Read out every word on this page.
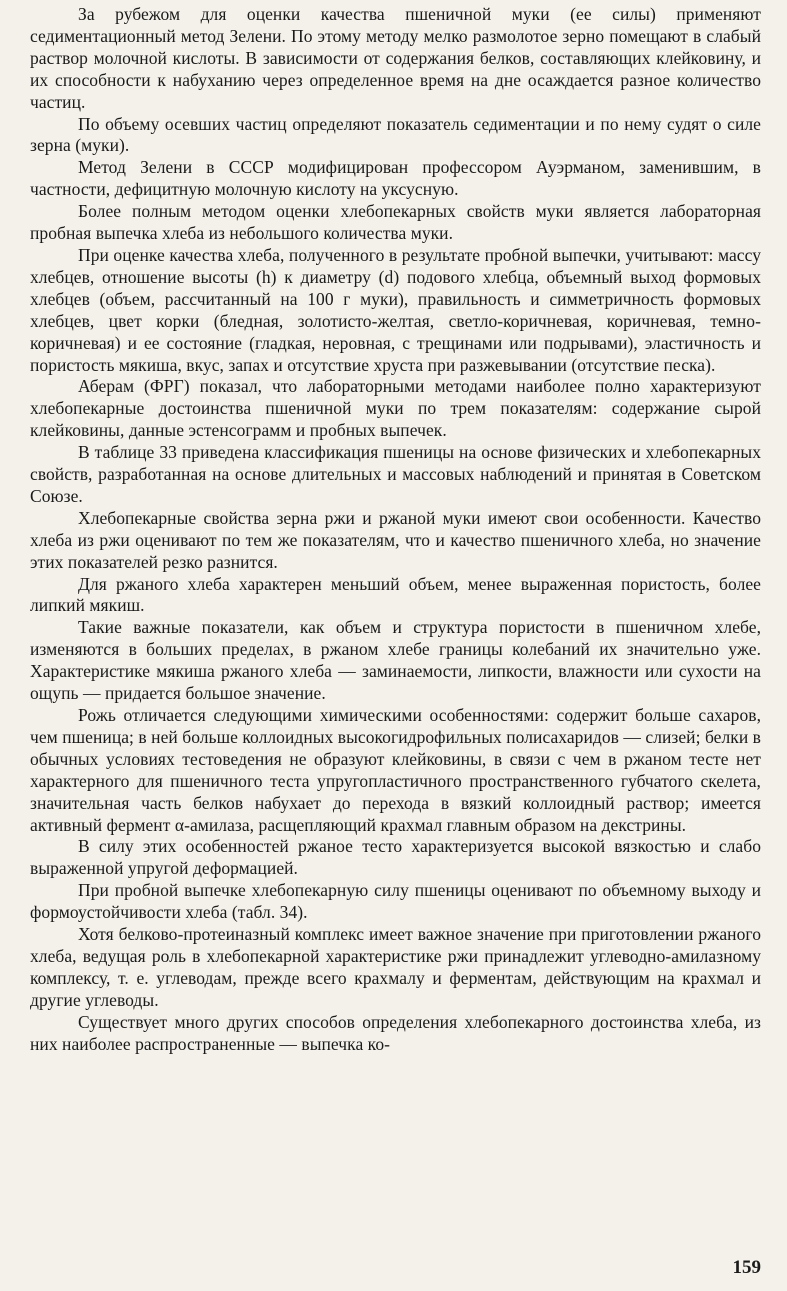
За рубежом для оценки качества пшеничной муки (ее силы) применяют седиментационный метод Зелени. По этому методу мелко размолотое зерно помещают в слабый раствор молочной кислоты. В зависимости от содержания белков, составляющих клейковину, и их способности к набуханию через определенное время на дне осаждается разное количество частиц.

По объему осевших частиц определяют показатель седиментации и по нему судят о силе зерна (муки).

Метод Зелени в СССР модифицирован профессором Ауэрманом, заменившим, в частности, дефицитную молочную кислоту на уксусную.

Более полным методом оценки хлебопекарных свойств муки является лабораторная пробная выпечка хлеба из небольшого количества муки.

При оценке качества хлеба, полученного в результате пробной выпечки, учитывают: массу хлебцев, отношение высоты (h) к диаметру (d) подового хлебца, объемный выход формовых хлебцев (объем, рассчитанный на 100 г муки), правильность и симметричность формовых хлебцев, цвет корки (бледная, золотисто-желтая, светло-коричневая, коричневая, темно-коричневая) и ее состояние (гладкая, неровная, с трещинами или подрывами), эластичность и пористость мякиша, вкус, запах и отсутствие хруста при разжевывании (отсутствие песка).

Аберам (ФРГ) показал, что лабораторными методами наиболее полно характеризуют хлебопекарные достоинства пшеничной муки по трем показателям: содержание сырой клейковины, данные эстенсограмм и пробных выпечек.

В таблице 33 приведена классификация пшеницы на основе физических и хлебопекарных свойств, разработанная на основе длительных и массовых наблюдений и принятая в Советском Союзе.

Хлебопекарные свойства зерна ржи и ржаной муки имеют свои особенности. Качество хлеба из ржи оценивают по тем же показателям, что и качество пшеничного хлеба, но значение этих показателей резко разнится.

Для ржаного хлеба характерен меньший объем, менее выраженная пористость, более липкий мякиш.

Такие важные показатели, как объем и структура пористости в пшеничном хлебе, изменяются в больших пределах, в ржаном хлебе границы колебаний их значительно уже. Характеристике мякиша ржаного хлеба — заминаемости, липкости, влажности или сухости на ощупь — придается большое значение.

Рожь отличается следующими химическими особенностями: содержит больше сахаров, чем пшеница; в ней больше коллоидных высокогидрофильных полисахаридов — слизей; белки в обычных условиях тестоведения не образуют клейковины, в связи с чем в ржаном тесте нет характерного для пшеничного теста упругопластичного пространственного губчатого скелета, значительная часть белков набухает до перехода в вязкий коллоидный раствор; имеется активный фермент α-амилаза, расщепляющий крахмал главным образом на декстрины.

В силу этих особенностей ржаное тесто характеризуется высокой вязкостью и слабо выраженной упругой деформацией.

При пробной выпечке хлебопекарную силу пшеницы оценивают по объемному выходу и формоустойчивости хлеба (табл. 34).

Хотя белково-протеиназный комплекс имеет важное значение при приготовлении ржаного хлеба, ведущая роль в хлебопекарной характеристике ржи принадлежит углеводно-амилазному комплексу, т. е. углеводам, прежде всего крахмалу и ферментам, действующим на крахмал и другие углеводы.

Существует много других способов определения хлебопекарного достоинства хлеба, из них наиболее распространенные — выпечка ко-

159
